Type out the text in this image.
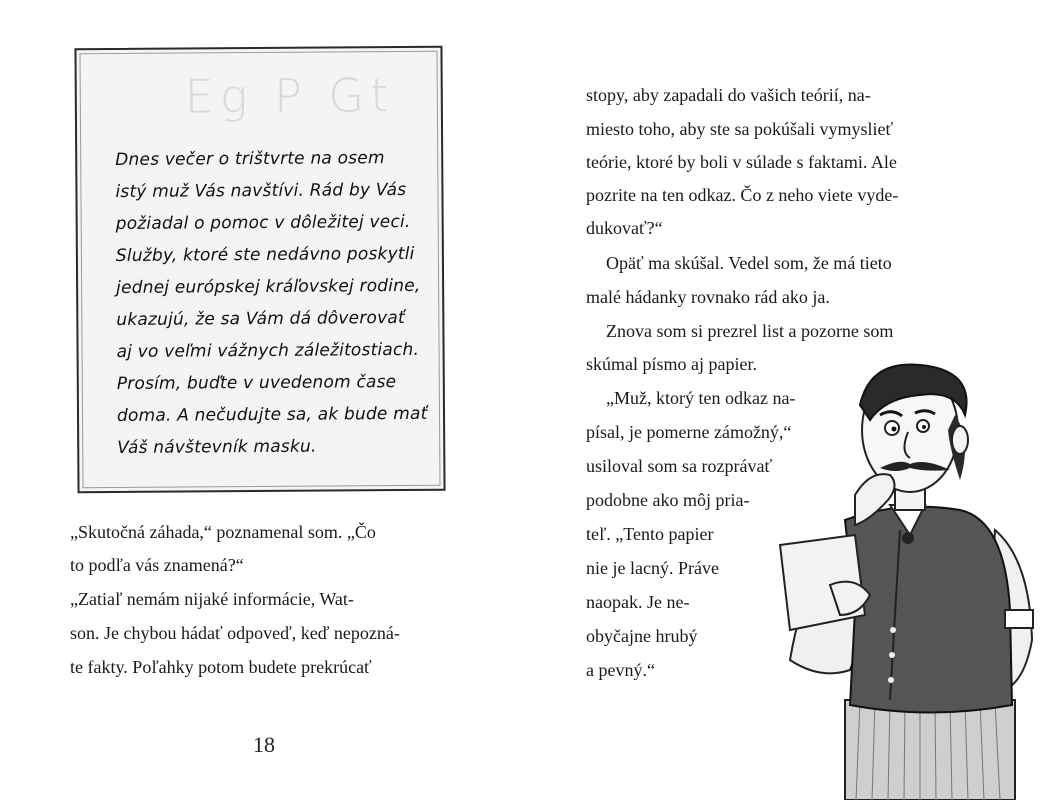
Eg P Gt
Dnes večer o trištvrte na osem
istý muž Vás navštívi. Rád by Vás
požiadal o pomoc v dôležitej veci.
Služby, ktoré ste nedávno poskytli
jednej európskej kráľovskej rodine,
ukazujú, že sa Vám dá dôverovať
aj vo veľmi vážnych záležitostiach.
Prosím, buďte v uvedenom čase
doma. A nečudujte sa, ak bude mať
Váš návštevník masku.
„Skutočná záhada,“ poznamenal som. „Čo
to podľa vás znamená?“
„Zatiaľ nemám nijaké informácie, Wat-
son. Je chybou hádať odpoveď, keď nepozná-
te fakty. Poľahky potom budete prekrúcať
18
stopy, aby zapadali do vašich teórií, na-
miesto toho, aby ste sa pokúšali vymyslieť
teórie, ktoré by boli v súlade s faktami. Ale
pozrite na ten odkaz. Čo z neho viete vyde-
dukovať?“
Opäť ma skúšal. Vedel som, že má tieto
malé hádanky rovnako rád ako ja.
Znova som si prezrel list a pozorne som
skúmal písmo aj papier.
„Muž, ktorý ten odkaz na-
písal, je pomerne zámožný,“
usiloval som sa rozprávať
podobne ako môj pria-
teľ. „Tento papier
nie je lacný. Práve
naopak. Je ne-
obyčajne hrubý
a pevný.“
